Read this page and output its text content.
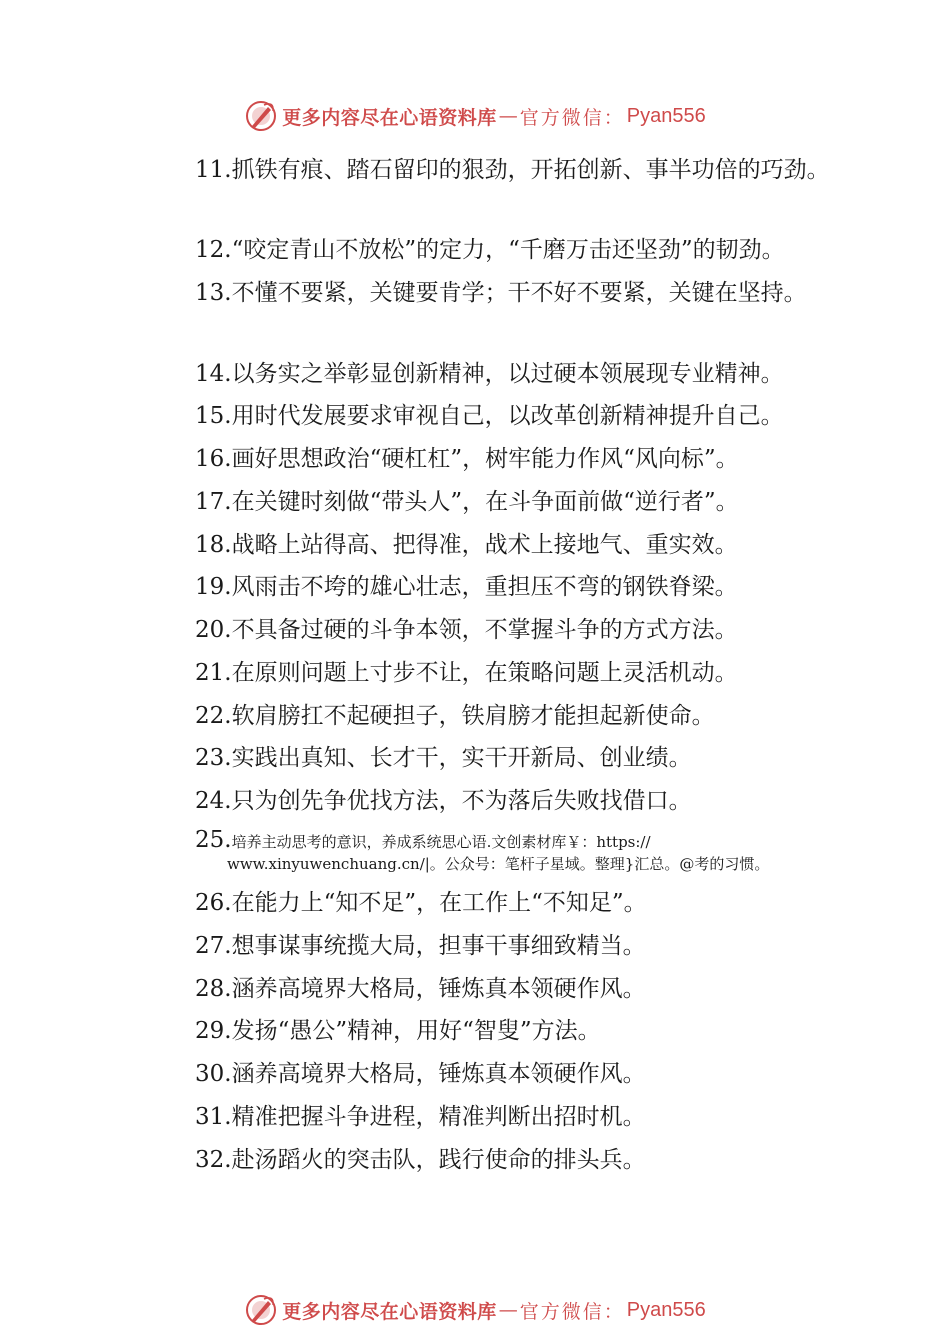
更多内容尽在心语资料库 — 官方微信： Pyan556

11.抓铁有痕、踏石留印的狠劲，开拓创新、事半功倍的巧劲。

12.“咬定青山不放松”的定力，“千磨万击还坚劲”的韧劲。

13.不懂不要紧，关键要肯学；干不好不要紧，关键在坚持。

14.以务实之举彰显创新精神，以过硬本领展现专业精神。

15.用时代发展要求审视自己，以改革创新精神提升自己。

16.画好思想政治“硬杠杠”，树牢能力作风“风向标”。

17.在关键时刻做“带头人”，在斗争面前做“逆行者”。

18.战略上站得高、把得准，战术上接地气、重实效。

19.风雨击不垮的雄心壮志，重担压不弯的钢铁脊梁。

20.不具备过硬的斗争本领，不掌握斗争的方式方法。

21.在原则问题上寸步不让，在策略问题上灵活机动。

22.软肩膀扛不起硬担子，铁肩膀才能担起新使命。

23.实践出真知、长才干，实干开新局、创业绩。

24.只为创先争优找方法，不为落后失败找借口。

25.培养主动思考的意识，养成系统思心语.文创素材库￥：https://
www.xinyuwenchuang.cn/|。公众号：笔杆子星域。整理}汇总。@考的习惯。

26.在能力上“知不足”，在工作上“不知足”。

27.想事谋事统揽大局，担事干事细致精当。

28.涵养高境界大格局，锤炼真本领硬作风。

29.发扬“愚公”精神，用好“智叟”方法。

30.涵养高境界大格局，锤炼真本领硬作风。

31.精准把握斗争进程，精准判断出招时机。

32.赴汤蹈火的突击队，践行使命的排头兵。

更多内容尽在心语资料库 — 官方微信： Pyan556
